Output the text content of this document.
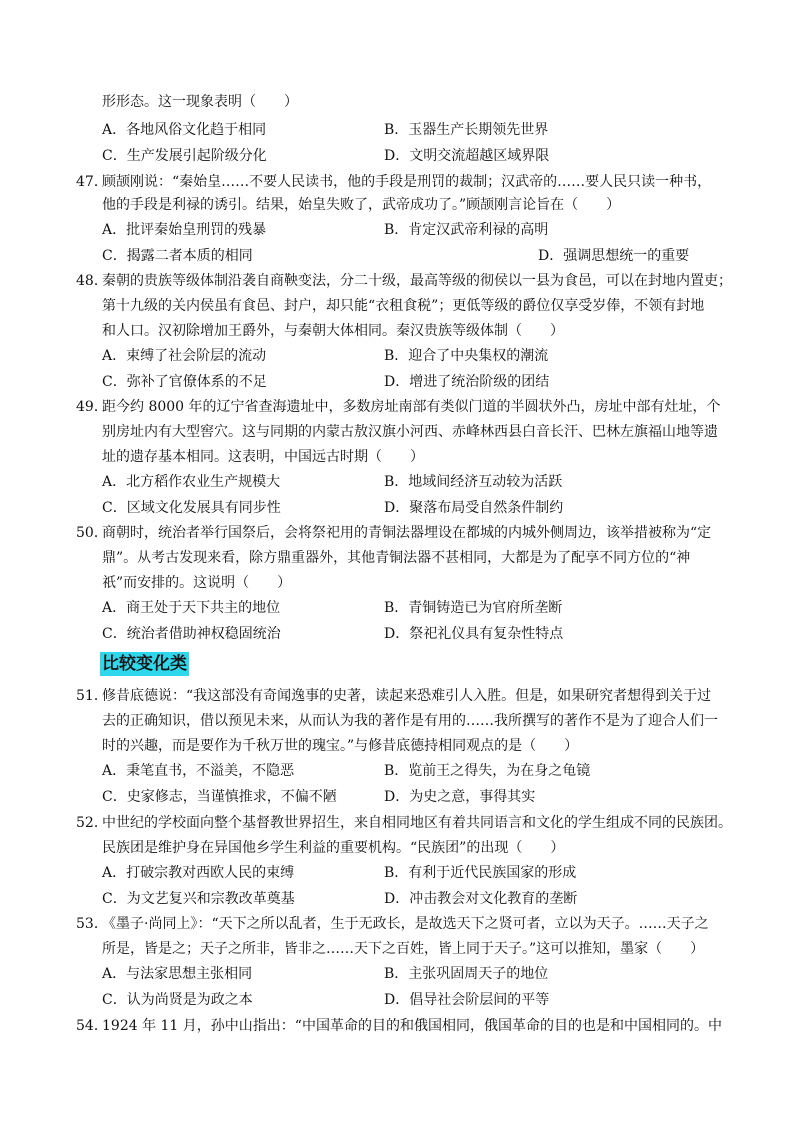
形形态。这一现象表明（　　）
A．各地风俗文化趋于相同	B．玉器生产长期领先世界
C．生产发展引起阶级分化	D．文明交流超越区域界限
47．
顾颉刚说：“秦始皇……不要人民读书，他的手段是刑罚的裁制；汉武帝的……要人民只读一种书，
他的手段是利禄的诱引。结果，始皇失败了，武帝成功了。”顾颉刚言论旨在（　　）
A．批评秦始皇刑罚的残暴	B．肯定汉武帝利禄的高明
C．揭露二者本质的相同	D．强调思想统一的重要
48．
秦朝的贵族等级体制沿袭自商鞅变法，分二十级，最高等级的彻侯以一县为食邑，可以在封地内置吏；
第十九级的关内侯虽有食邑、封户，却只能“衣租食税”；更低等级的爵位仅享受岁俸，不领有封地
和人口。汉初除增加王爵外，与秦朝大体相同。秦汉贵族等级体制（　　）
A．束缚了社会阶层的流动	B．迎合了中央集权的潮流
C．弥补了官僚体系的不足	D．增进了统治阶级的团结
49．
距今约 8000 年的辽宁省查海遗址中，多数房址南部有类似门道的半圆状外凸，房址中部有灶址，个
别房址内有大型窖穴。这与同期的内蒙古敖汉旗小河西、赤峰林西县白音长汗、巴林左旗福山地等遗
址的遗存基本相同。这表明，中国远古时期（　　）
A．北方稻作农业生产规模大	B．地域间经济互动较为活跃
C．区域文化发展具有同步性	D．聚落布局受自然条件制约
50．
商朝时，统治者举行国祭后，会将祭祀用的青铜法器埋设在都城的内城外侧周边，该举措被称为“定
鼎”。从考古发现来看，除方鼎重器外，其他青铜法器不甚相同，大都是为了配享不同方位的“神
祇”而安排的。这说明（　　）
A．商王处于天下共主的地位	B．青铜铸造已为官府所垄断
C．统治者借助神权稳固统治	D．祭祀礼仪具有复杂性特点
比较变化类
51．
修昔底德说：“我这部没有奇闻逸事的史著，读起来恐难引人入胜。但是，如果研究者想得到关于过
去的正确知识，借以预见未来，从而认为我的著作是有用的……我所撰写的著作不是为了迎合人们一
时的兴趣，而是要作为千秋万世的瑰宝。”与修昔底德持相同观点的是（　　）
A．秉笔直书，不溢美，不隐恶	B．览前王之得失，为在身之龟镜
C．史家修志，当谨慎推求，不偏不陋	D．为史之意，事得其实
52．
中世纪的学校面向整个基督教世界招生，来自相同地区有着共同语言和文化的学生组成不同的民族团。
民族团是维护身在异国他乡学生利益的重要机构。“民族团”的出现（　　）
A．打破宗教对西欧人民的束缚	B．有利于近代民族国家的形成
C．为文艺复兴和宗教改革奠基	D．冲击教会对文化教育的垄断
53．
《墨子·尚同上》：“天下之所以乱者，生于无政长，是故选天下之贤可者，立以为天子。……天子之
所是，皆是之；天子之所非，皆非之……天下之百姓，皆上同于天子。”这可以推知，墨家（　　）
A．与法家思想主张相同	B．主张巩固周天子的地位
C．认为尚贤是为政之本	D．倡导社会阶层间的平等
54．
1924 年 11 月，孙中山指出：“中国革命的目的和俄国相同，俄国革命的目的也是和中国相同的。中
